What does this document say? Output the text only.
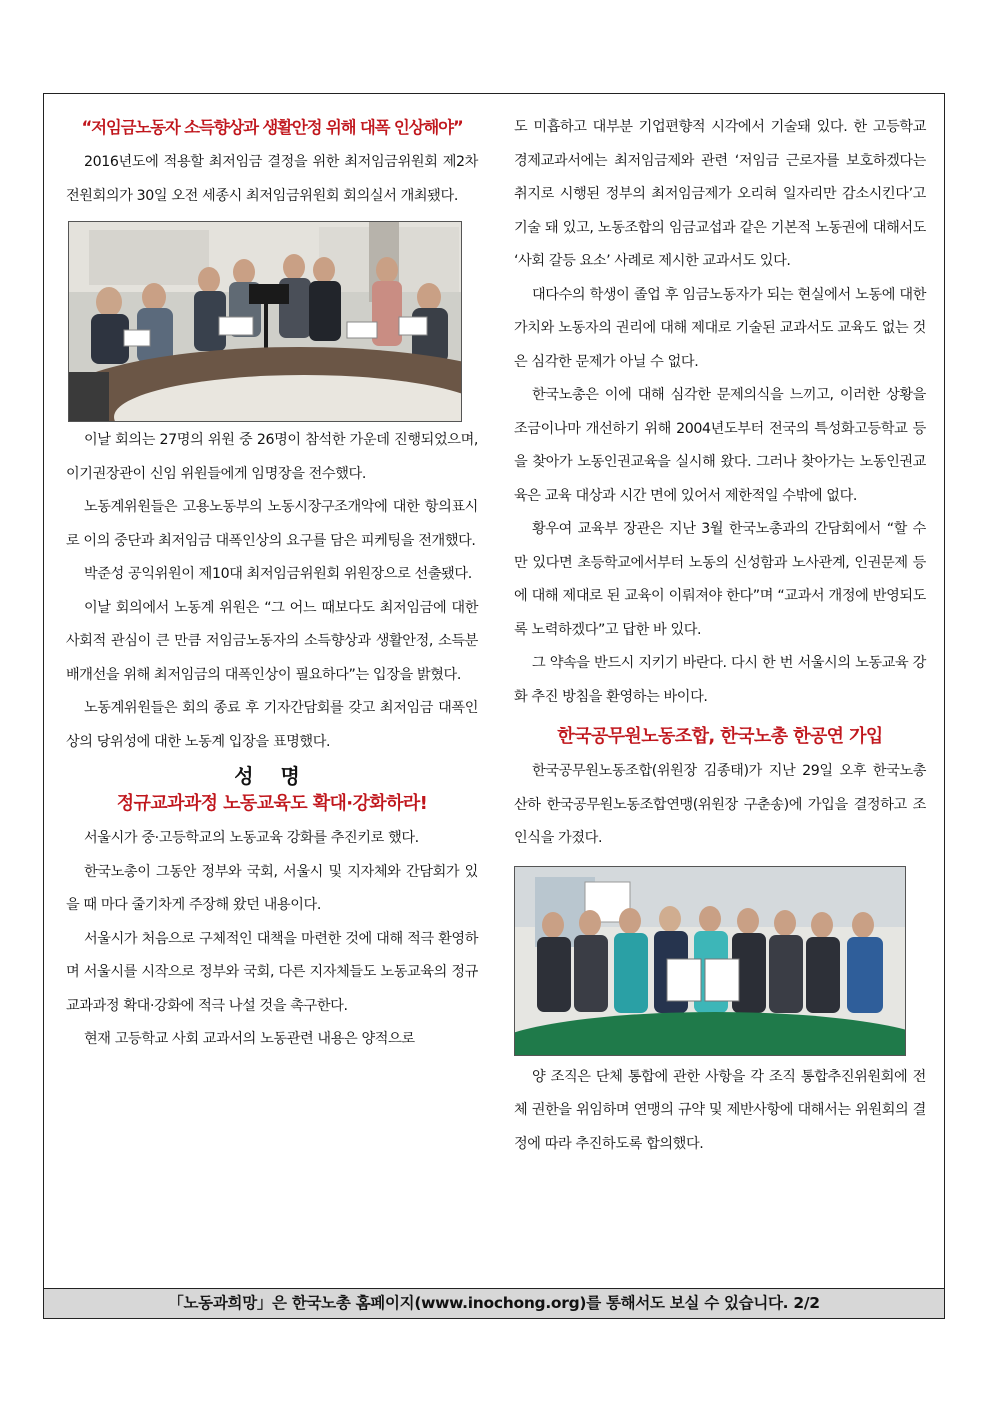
“저임금노동자 소득향상과 생활안정 위해 대폭 인상해야”

2016년도에 적용할 최저임금 결정을 위한 최저임금위원회 제2차 전원회의가 30일 오전 세종시 최저임금위원회 회의실서 개최됐다.

이날 회의는 27명의 위원 중 26명이 참석한 가운데 진행되었으며, 이기권장관이 신임 위원들에게 임명장을 전수했다.

노동계위원들은 고용노동부의 노동시장구조개악에 대한 항의표시로 이의 중단과 최저임금 대폭인상의 요구를 담은 피케팅을 전개했다.

박준성 공익위원이 제10대 최저임금위원회 위원장으로 선출됐다.

이날 회의에서 노동계 위원은 “그 어느 때보다도 최저임금에 대한 사회적 관심이 큰 만큼 저임금노동자의 소득향상과 생활안정, 소득분배개선을 위해 최저임금의 대폭인상이 필요하다”는 입장을 밝혔다.

노동계위원들은 회의 종료 후 기자간담회를 갖고 최저임금 대폭인상의 당위성에 대한 노동계 입장을 표명했다.

성 명

정규교과과정 노동교육도 확대·강화하라!

서울시가 중·고등학교의 노동교육 강화를 추진키로 했다.

한국노총이 그동안 정부와 국회, 서울시 및 지자체와 간담회가 있을 때 마다 줄기차게 주장해 왔던 내용이다.

서울시가 처음으로 구체적인 대책을 마련한 것에 대해 적극 환영하며 서울시를 시작으로 정부와 국회, 다른 지자체들도 노동교육의 정규교과과정 확대·강화에 적극 나설 것을 촉구한다.

현재 고등학교 사회 교과서의 노동관련 내용은 양적으로

도 미흡하고 대부분 기업편향적 시각에서 기술돼 있다. 한 고등학교 경제교과서에는 최저임금제와 관련 ‘저임금 근로자를 보호하겠다는 취지로 시행된 정부의 최저임금제가 오리혀 일자리만 감소시킨다’고 기술 돼 있고, 노동조합의 임금교섭과 같은 기본적 노동권에 대해서도 ‘사회 갈등 요소’ 사례로 제시한 교과서도 있다.

대다수의 학생이 졸업 후 임금노동자가 되는 현실에서 노동에 대한 가치와 노동자의 권리에 대해 제대로 기술된 교과서도 교육도 없는 것은 심각한 문제가 아닐 수 없다.

한국노총은 이에 대해 심각한 문제의식을 느끼고, 이러한 상황을 조금이나마 개선하기 위해 2004년도부터 전국의 특성화고등학교 등을 찾아가 노동인권교육을 실시해 왔다. 그러나 찾아가는 노동인권교육은 교육 대상과 시간 면에 있어서 제한적일 수밖에 없다.

황우여 교육부 장관은 지난 3월 한국노총과의 간담회에서 “할 수만 있다면 초등학교에서부터 노동의 신성함과 노사관계, 인권문제 등에 대해 제대로 된 교육이 이뤄져야 한다”며 “교과서 개정에 반영되도록 노력하겠다”고 답한 바 있다.

그 약속을 반드시 지키기 바란다. 다시 한 번 서울시의 노동교육 강화 추진 방침을 환영하는 바이다.

한국공무원노동조합, 한국노총 한공연 가입

한국공무원노동조합(위원장 김종태)가 지난 29일 오후 한국노총 산하 한국공무원노동조합연맹(위원장 구춘송)에 가입을 결정하고 조인식을 가졌다.

양 조직은 단체 통합에 관한 사항을 각 조직 통합추진위원회에 전체 권한을 위임하며 연맹의 규약 및 제반사항에 대해서는 위원회의 결정에 따라 추진하도록 합의했다.

「노동과희망」은 한국노총 홈페이지(www.inochong.org)를 통해서도 보실 수 있습니다. 2/2
